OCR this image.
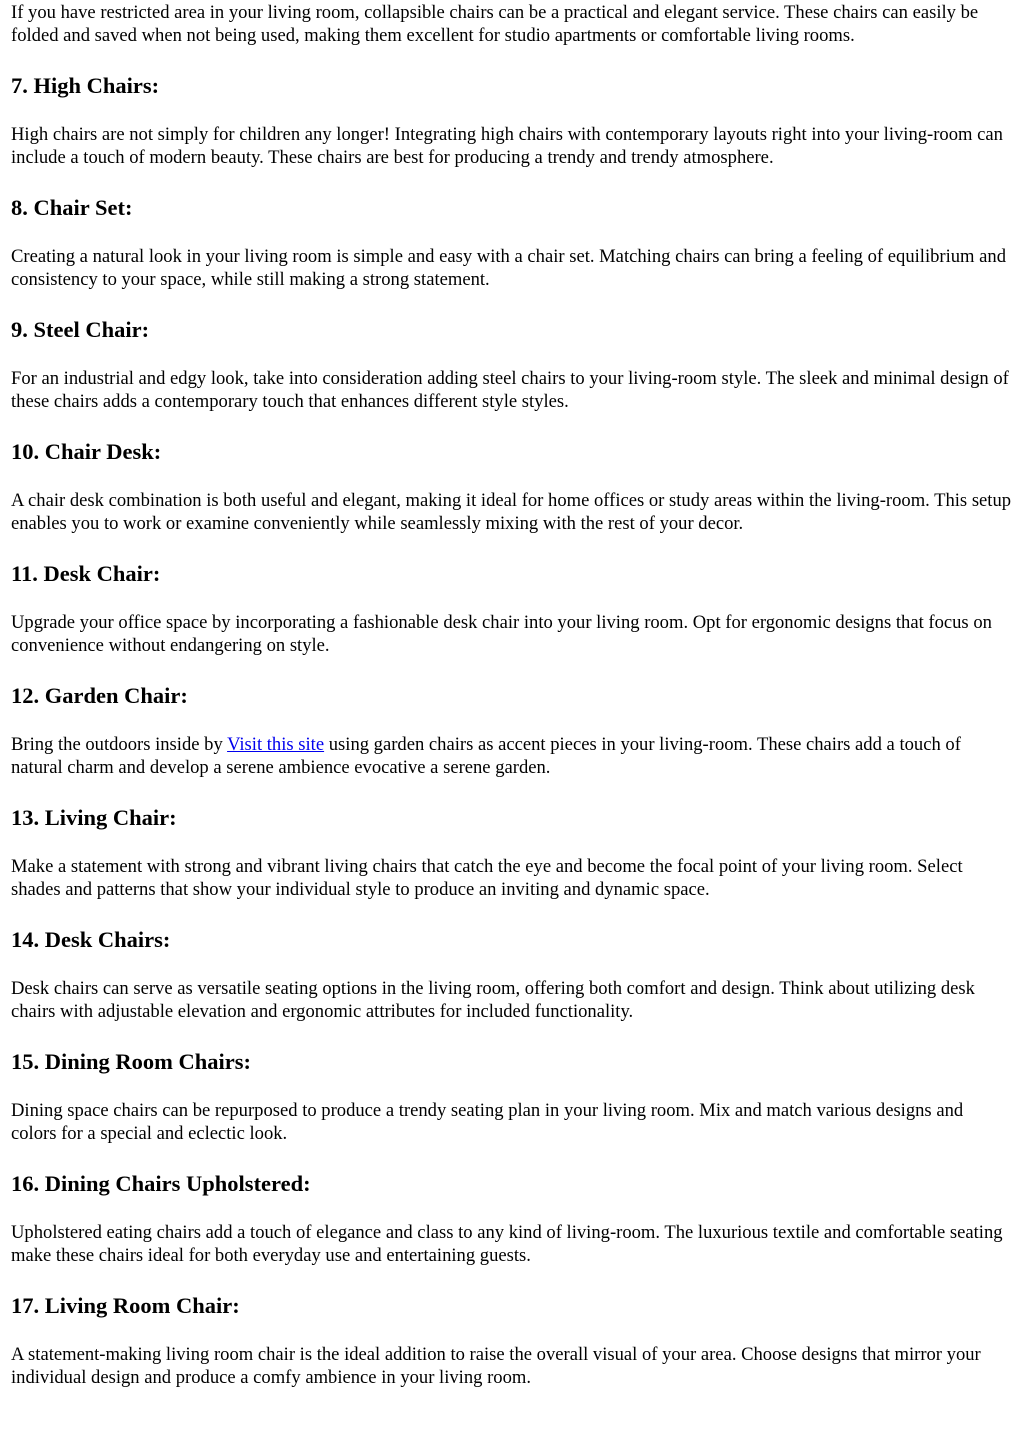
If you have restricted area in your living room, collapsible chairs can be a practical and elegant service. These chairs can easily be folded and saved when not being used, making them excellent for studio apartments or comfortable living rooms.

7. High Chairs:

High chairs are not simply for children any longer! Integrating high chairs with contemporary layouts right into your living-room can include a touch of modern beauty. These chairs are best for producing a trendy and trendy atmosphere.

8. Chair Set:

Creating a natural look in your living room is simple and easy with a chair set. Matching chairs can bring a feeling of equilibrium and consistency to your space, while still making a strong statement.

9. Steel Chair:

For an industrial and edgy look, take into consideration adding steel chairs to your living-room style. The sleek and minimal design of these chairs adds a contemporary touch that enhances different style styles.

10. Chair Desk:

A chair desk combination is both useful and elegant, making it ideal for home offices or study areas within the living-room. This setup enables you to work or examine conveniently while seamlessly mixing with the rest of your decor.

11. Desk Chair:

Upgrade your office space by incorporating a fashionable desk chair into your living room. Opt for ergonomic designs that focus on convenience without endangering on style.

12. Garden Chair:

Bring the outdoors inside by Visit this site using garden chairs as accent pieces in your living-room. These chairs add a touch of natural charm and develop a serene ambience evocative a serene garden.

13. Living Chair:

Make a statement with strong and vibrant living chairs that catch the eye and become the focal point of your living room. Select shades and patterns that show your individual style to produce an inviting and dynamic space.

14. Desk Chairs:

Desk chairs can serve as versatile seating options in the living room, offering both comfort and design. Think about utilizing desk chairs with adjustable elevation and ergonomic attributes for included functionality.

15. Dining Room Chairs:

Dining space chairs can be repurposed to produce a trendy seating plan in your living room. Mix and match various designs and colors for a special and eclectic look.

16. Dining Chairs Upholstered:

Upholstered eating chairs add a touch of elegance and class to any kind of living-room. The luxurious textile and comfortable seating make these chairs ideal for both everyday use and entertaining guests.

17. Living Room Chair:

A statement-making living room chair is the ideal addition to raise the overall visual of your area. Choose designs that mirror your individual design and produce a comfy ambience in your living room.
